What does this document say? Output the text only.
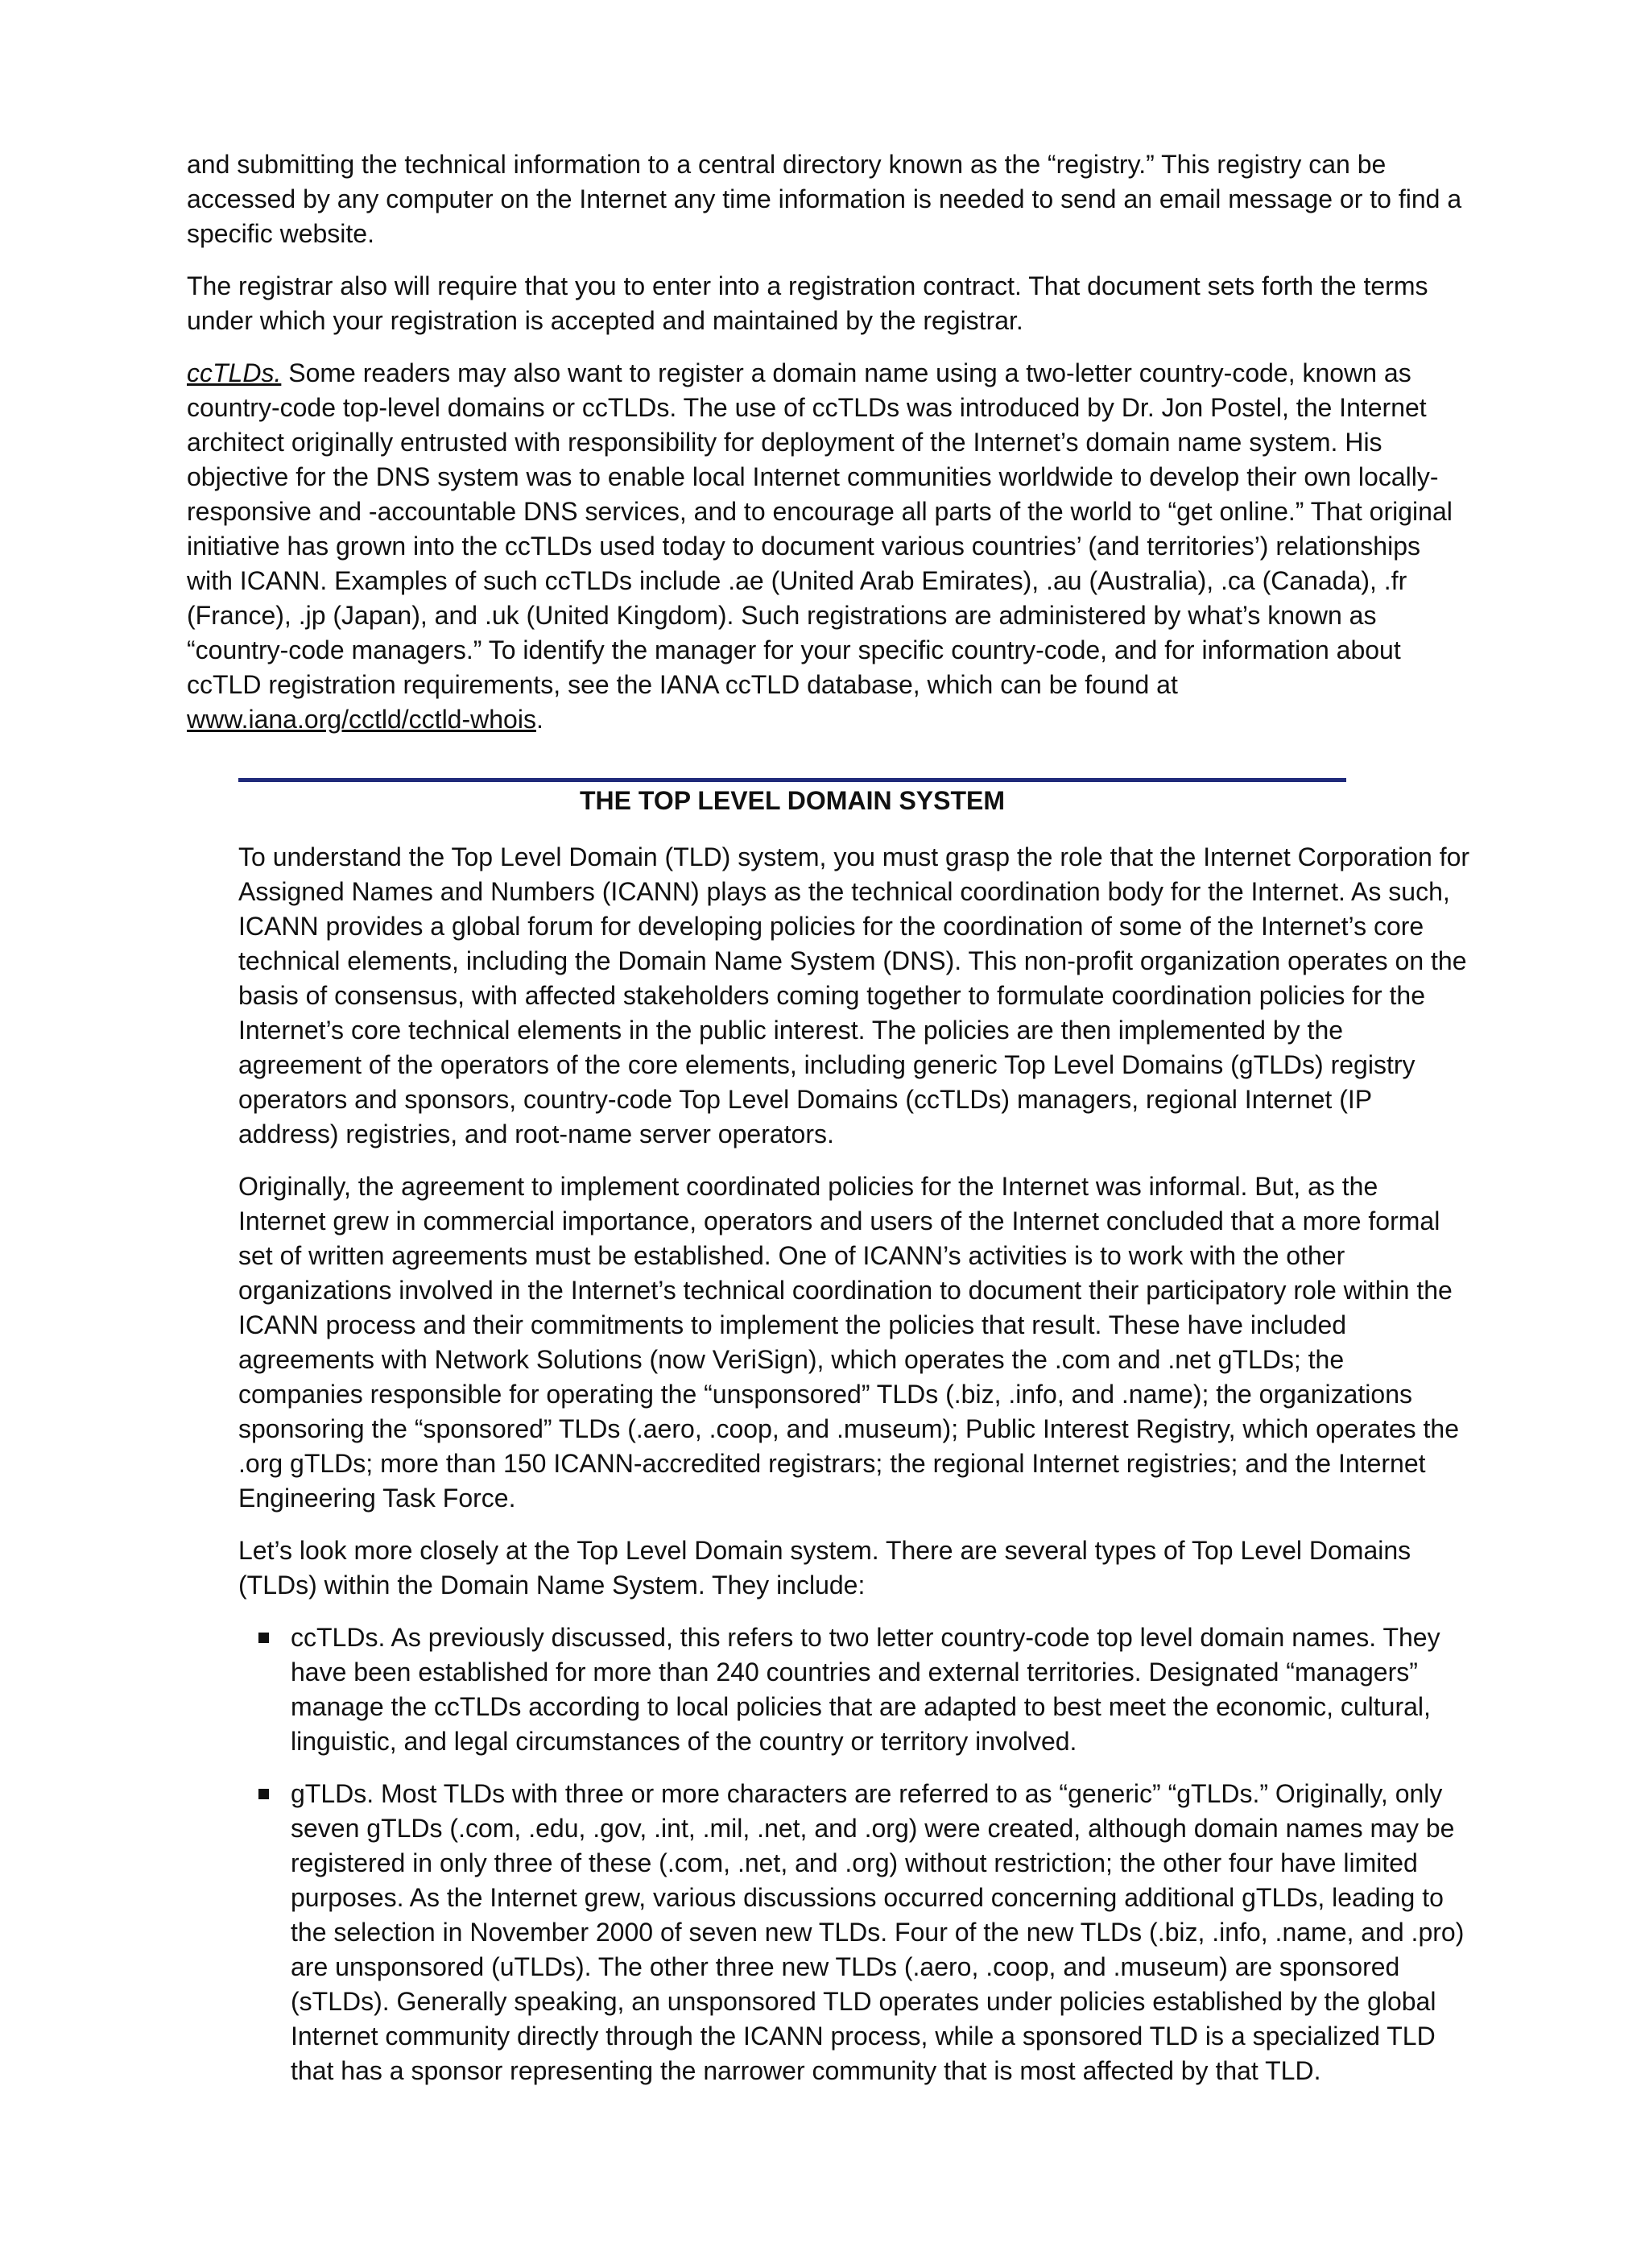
and submitting the technical information to a central directory known as the “registry.” This registry can be accessed by any computer on the Internet any time information is needed to send an email message or to find a specific website.

The registrar also will require that you to enter into a registration contract. That document sets forth the terms under which your registration is accepted and maintained by the registrar.

ccTLDs. Some readers may also want to register a domain name using a two-letter country-code, known as country-code top-level domains or ccTLDs. The use of ccTLDs was introduced by Dr. Jon Postel, the Internet architect originally entrusted with responsibility for deployment of the Internet’s domain name system. His objective for the DNS system was to enable local Internet communities worldwide to develop their own locally-responsive and -accountable DNS services, and to encourage all parts of the world to “get online.” That original initiative has grown into the ccTLDs used today to document various countries’ (and territories’) relationships with ICANN. Examples of such ccTLDs include .ae (United Arab Emirates), .au (Australia), .ca (Canada), .fr (France), .jp (Japan), and .uk (United Kingdom). Such registrations are administered by what’s known as “country-code managers.” To identify the manager for your specific country-code, and for information about ccTLD registration requirements, see the IANA ccTLD database, which can be found at www.iana.org/cctld/cctld-whois.

THE TOP LEVEL DOMAIN SYSTEM

To understand the Top Level Domain (TLD) system, you must grasp the role that the Internet Corporation for Assigned Names and Numbers (ICANN) plays as the technical coordination body for the Internet. As such, ICANN provides a global forum for developing policies for the coordination of some of the Internet’s core technical elements, including the Domain Name System (DNS). This non-profit organization operates on the basis of consensus, with affected stakeholders coming together to formulate coordination policies for the Internet’s core technical elements in the public interest. The policies are then implemented by the agreement of the operators of the core elements, including generic Top Level Domains (gTLDs) registry operators and sponsors, country-code Top Level Domains (ccTLDs) managers, regional Internet (IP address) registries, and root-name server operators.

Originally, the agreement to implement coordinated policies for the Internet was informal. But, as the Internet grew in commercial importance, operators and users of the Internet concluded that a more formal set of written agreements must be established. One of ICANN’s activities is to work with the other organizations involved in the Internet’s technical coordination to document their participatory role within the ICANN process and their commitments to implement the policies that result. These have included agreements with Network Solutions (now VeriSign), which operates the .com and .net gTLDs; the companies responsible for operating the “unsponsored” TLDs (.biz, .info, and .name); the organizations sponsoring the “sponsored” TLDs (.aero, .coop, and .museum); Public Interest Registry, which operates the .org gTLDs; more than 150 ICANN-accredited registrars; the regional Internet registries; and the Internet Engineering Task Force.

Let’s look more closely at the Top Level Domain system. There are several types of Top Level Domains (TLDs) within the Domain Name System. They include:

ccTLDs. As previously discussed, this refers to two letter country-code top level domain names. They have been established for more than 240 countries and external territories. Designated “managers” manage the ccTLDs according to local policies that are adapted to best meet the economic, cultural, linguistic, and legal circumstances of the country or territory involved.
gTLDs. Most TLDs with three or more characters are referred to as “generic” “gTLDs.” Originally, only seven gTLDs (.com, .edu, .gov, .int, .mil, .net, and .org) were created, although domain names may be registered in only three of these (.com, .net, and .org) without restriction; the other four have limited purposes. As the Internet grew, various discussions occurred concerning additional gTLDs, leading to the selection in November 2000 of seven new TLDs. Four of the new TLDs (.biz, .info, .name, and .pro) are unsponsored (uTLDs). The other three new TLDs (.aero, .coop, and .museum) are sponsored (sTLDs). Generally speaking, an unsponsored TLD operates under policies established by the global Internet community directly through the ICANN process, while a sponsored TLD is a specialized TLD that has a sponsor representing the narrower community that is most affected by that TLD.
